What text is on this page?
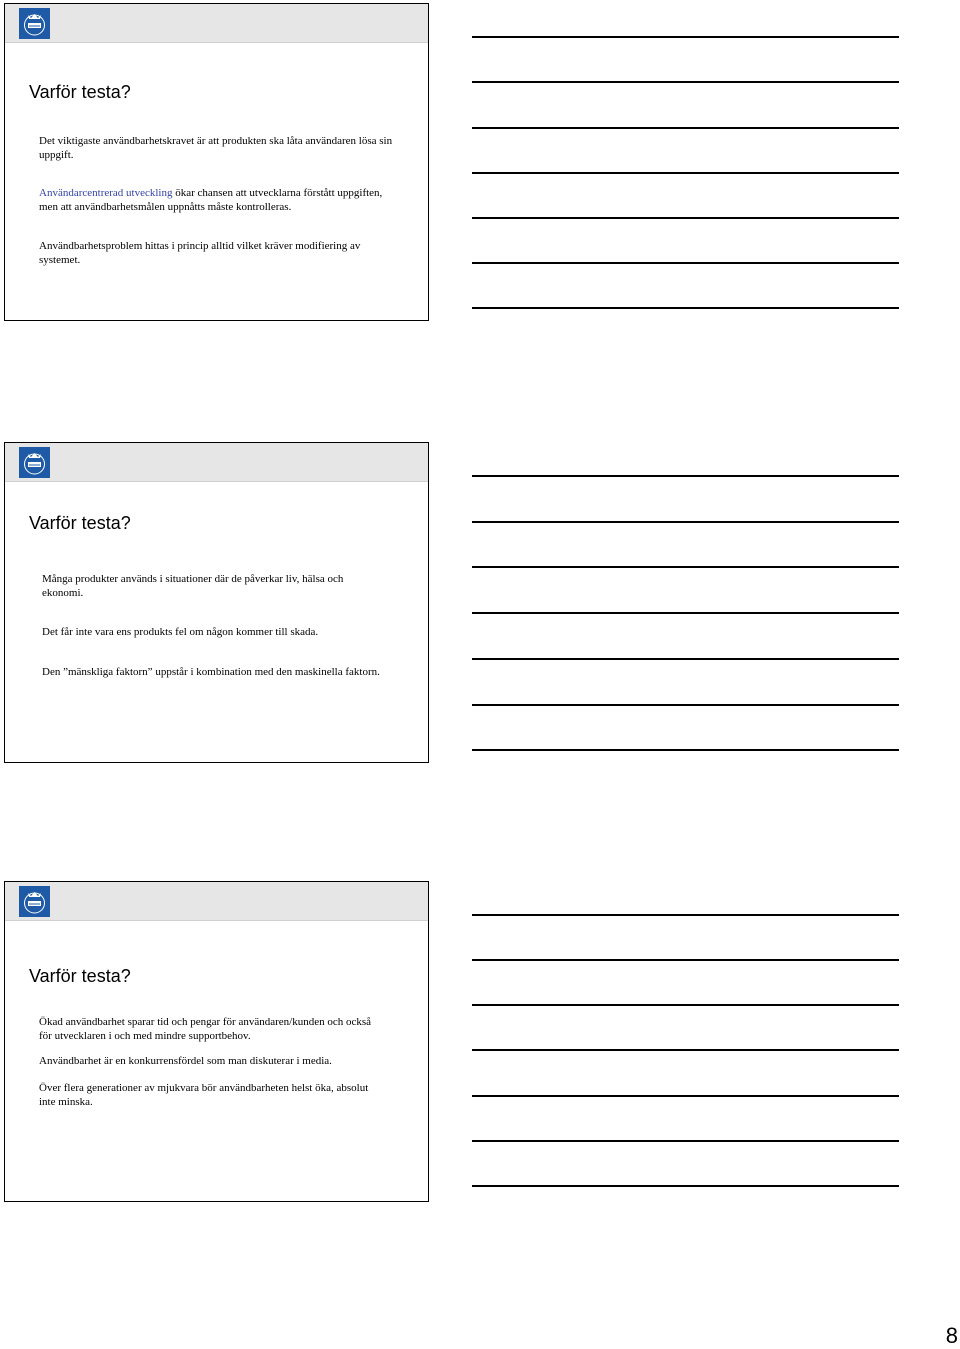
Varför testa?
Det viktigaste användbarhetskravet är att produkten ska låta användaren lösa sin uppgift.
Användarcentrerad utveckling ökar chansen att utvecklarna förstått uppgiften, men att användbarhetsmålen uppnåtts måste kontrolleras.
Användbarhetsproblem hittas i princip alltid vilket kräver modifiering av systemet.
Varför testa?
Många produkter används i situationer där de påverkar liv, hälsa och ekonomi.
Det får inte vara ens produkts fel om någon kommer till skada.
Den ”mänskliga faktorn” uppstår i kombination med den maskinella faktorn.
Varför testa?
Ökad användbarhet sparar tid och pengar för användaren/kunden och också för utvecklaren i och med mindre supportbehov.
Användbarhet är en konkurrensfördel som man diskuterar i media.
Över flera generationer av mjukvara bör användbarheten helst öka, absolut inte minska.
8
